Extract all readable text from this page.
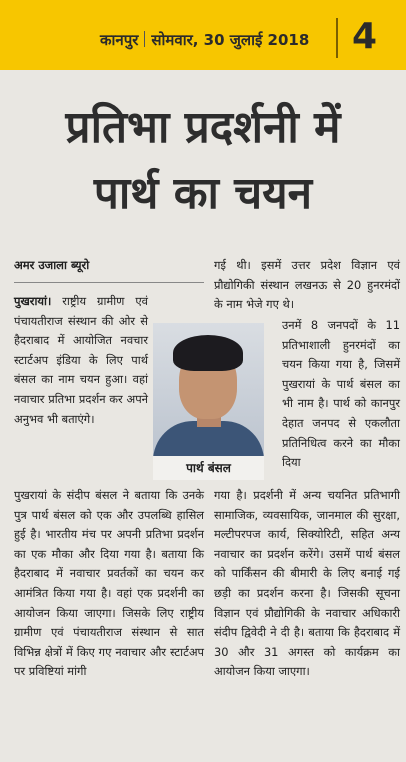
कानपुर सोमवार, 30 जुलाई 2018 4
प्रतिभा प्रदर्शनी में
पार्थ का चयन

अमर उजाला ब्यूरो

पुखरायां। राष्ट्रीय ग्रामीण एवं पंचायतीराज संस्थान की ओर से हैदराबाद में आयोजित नवचार स्टार्टअप इंडिया के लिए पार्थ बंसल का नाम चयन हुआ। वहां नवाचार प्रतिभा प्रदर्शन कर अपने अनुभव भी बताएंगे।

पार्थ बंसल

पुखरायां के संदीप बंसल ने बताया कि उनके पुत्र पार्थ बंसल को एक और उपलब्धि हासिल हुई है। भारतीय मंच पर अपनी प्रतिभा प्रदर्शन का एक मौका और दिया गया है। बताया कि हैदराबाद में नवाचार प्रवर्तकों का चयन कर आमंत्रित किया गया है। वहां एक प्रदर्शनी का आयोजन किया जाएगा। जिसके लिए राष्ट्रीय ग्रामीण एवं पंचायतीराज संस्थान से सात विभिन्न क्षेत्रों में किए गए नवाचार और स्टार्टअप पर प्रविष्टियां मांगी

गई थी। इसमें उत्तर प्रदेश विज्ञान एवं प्रौद्योगिकी संस्थान लखनऊ से 20 हुनरमंदों के नाम भेजे गए थे।

उनमें 8 जनपदों के 11 प्रतिभाशाली हुनरमंदों का चयन किया गया है, जिसमें पुखरायां के पार्थ बंसल का भी नाम है। पार्थ को कानपुर देहात जनपद से एकलौता प्रतिनिधित्व करने का मौका दिया

गया है। प्रदर्शनी में अन्य चयनित प्रतिभागी सामाजिक, व्यवसायिक, जानमाल की सुरक्षा, मल्टीपरपज कार्य, सिक्योरिटी, सहित अन्य नवाचार का प्रदर्शन करेंगे। उसमें पार्थ बंसल को पार्किंसन की बीमारी के लिए बनाई गई छड़ी का प्रदर्शन करना है। जिसकी सूचना विज्ञान एवं प्रौद्योगिकी के नवाचार अधिकारी संदीप द्विवेदी ने दी है। बताया कि हैदराबाद में 30 और 31 अगस्त को कार्यक्रम का आयोजन किया जाएगा।
